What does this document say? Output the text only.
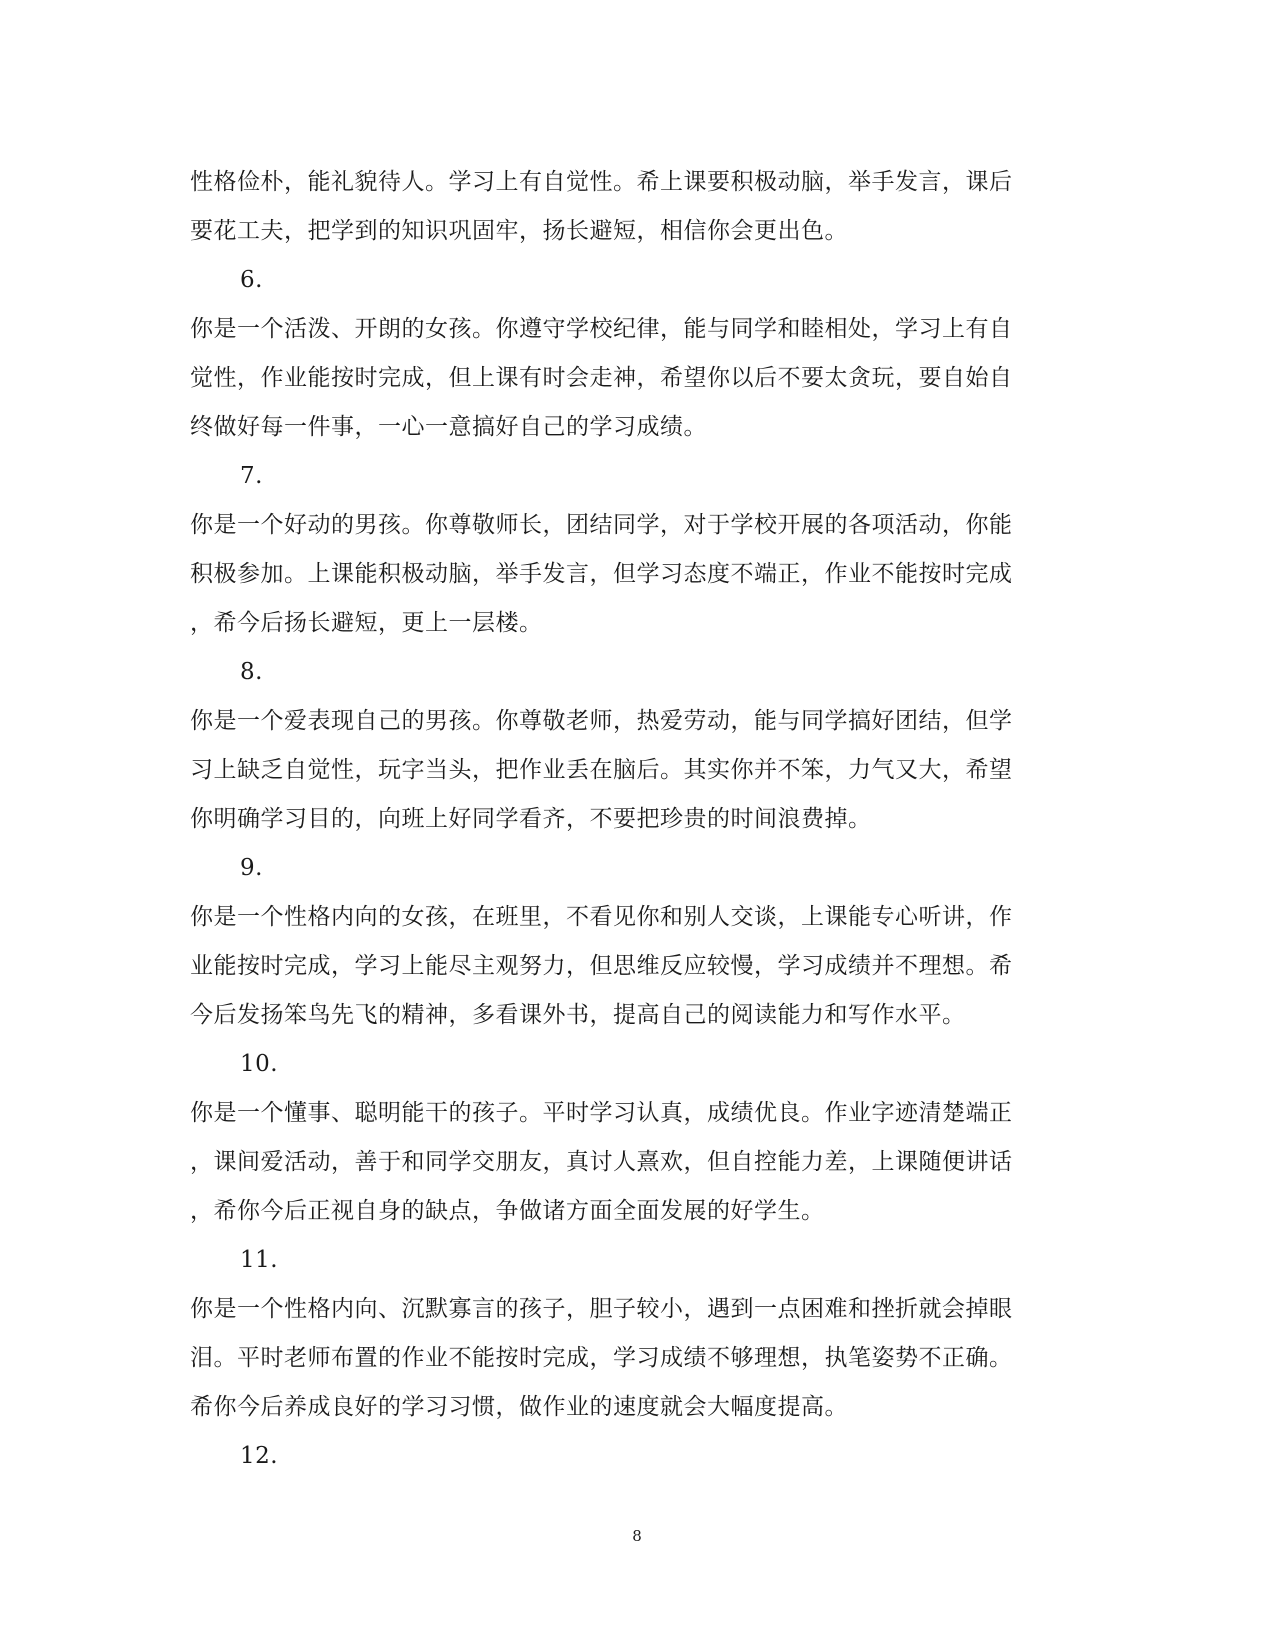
性格俭朴，能礼貌待人。学习上有自觉性。希上课要积极动脑，举手发言，课后
要花工夫，把学到的知识巩固牢，扬长避短，相信你会更出色。
6.
你是一个活泼、开朗的女孩。你遵守学校纪律，能与同学和睦相处，学习上有自
觉性，作业能按时完成，但上课有时会走神，希望你以后不要太贪玩，要自始自
终做好每一件事，一心一意搞好自己的学习成绩。
7.
你是一个好动的男孩。你尊敬师长，团结同学，对于学校开展的各项活动，你能
积极参加。上课能积极动脑，举手发言，但学习态度不端正，作业不能按时完成
，希今后扬长避短，更上一层楼。
8.
你是一个爱表现自己的男孩。你尊敬老师，热爱劳动，能与同学搞好团结，但学
习上缺乏自觉性，玩字当头，把作业丢在脑后。其实你并不笨，力气又大，希望
你明确学习目的，向班上好同学看齐，不要把珍贵的时间浪费掉。
9.
你是一个性格内向的女孩，在班里，不看见你和别人交谈，上课能专心听讲，作
业能按时完成，学习上能尽主观努力，但思维反应较慢，学习成绩并不理想。希
今后发扬笨鸟先飞的精神，多看课外书，提高自己的阅读能力和写作水平。
10.
你是一个懂事、聪明能干的孩子。平时学习认真，成绩优良。作业字迹清楚端正
，课间爱活动，善于和同学交朋友，真讨人熹欢，但自控能力差，上课随便讲话
，希你今后正视自身的缺点，争做诸方面全面发展的好学生。
11.
你是一个性格内向、沉默寡言的孩子，胆子较小，遇到一点困难和挫折就会掉眼
泪。平时老师布置的作业不能按时完成，学习成绩不够理想，执笔姿势不正确。
希你今后养成良好的学习习惯，做作业的速度就会大幅度提高。
12.
8
